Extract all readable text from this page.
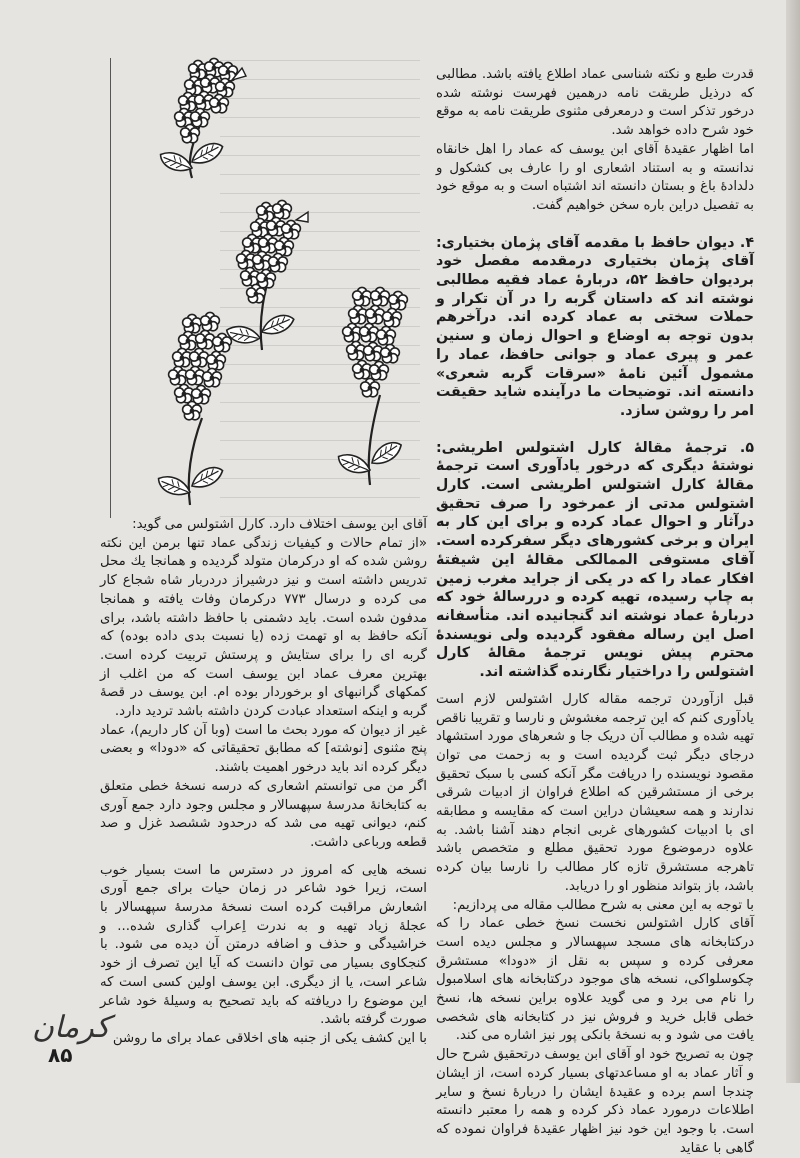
قدرت طبع و نکته شناسی عماد اطلاع یافته باشد. مطالبی که درذیل طریقت نامه درهمین فهرست نوشته شده درخور تذکر است و درمعرفی مثنوی طریقت نامه به موقع خود شرح داده خواهد شد.

اما اظهار عقیدهٔ آقای ابن یوسف که عماد را اهل خانقاه ندانسته و به استناد اشعاری او را عارف بی کشکول و دلدادهٔ باغ و بستان دانسته اند اشتباه است و به موقع خود به تفصیل دراین باره سخن خواهیم گفت.

۴. دیوان حافظ با مقدمه آقای پژمان بختیاری: آقای پژمان بختیاری درمقدمه مفصل خود بردیوان حافظ ۵۲، دربارهٔ عماد فقیه مطالبی نوشته اند که داستان گربه را در آن تکرار و حملات سختی به عماد کرده اند. درآخرهم بدون توجه به اوضاع و احوال زمان و سنین عمر و پیری عماد و جوانی حافظ، عماد را مشمول آئین نامهٔ «سرقات گربه شعری» دانسته اند. توضیحات ما درآینده شاید حقیقت امر را روشن سازد.

۵. ترجمهٔ مقالهٔ کارل اشتولس اطریشی: نوشتهٔ دیگری که درخور یادآوری است ترجمهٔ مقالهٔ کارل اشتولس اطریشی است. کارل اشتولس مدتی از عمرخود را صرف تحقیق درآثار و احوال عماد کرده و برای این کار به ایران و برخی کشورهای دیگر سفرکرده است. آقای مستوفی الممالکی مقالهٔ این شیفتهٔ افکار عماد را که در یکی از جراید مغرب زمین به چاپ رسیده، تهیه کرده و دررسالهٔ خود که دربارهٔ عماد نوشته اند گنجانیده اند. متأسفانه اصل این رساله مفقود گردیده ولی نویسندهٔ محترم پیش نویس ترجمهٔ مقالهٔ کارل اشتولس را دراختیار نگارنده گذاشته اند.

قبل ازآوردن ترجمه مقاله کارل اشتولس لازم است یادآوری کنم که این ترجمه مغشوش و نارسا و تقریبا ناقص تهیه شده و مطالب آن دریک جا و شعرهای مورد استشهاد درجای دیگر ثبت گردیده است و به زحمت می توان مقصود نویسنده را دریافت مگر آنکه کسی با سبک تحقیق برخی از مستشرقین که اطلاع فراوان از ادبیات شرقی ندارند و همه سعیشان دراین است که مقایسه و مطابقه ای با ادبیات کشورهای غربی انجام دهند آشنا باشد. به علاوه درموضوع مورد تحقیق مطلع و متخصص باشد تاهرجه مستشرق تازه کار مطالب را نارسا بیان کرده باشد، باز بتواند منظور او را دریابد.

با توجه به این معنی به شرح مطالب مقاله می پردازیم:

آقای کارل اشتولس نخست نسخ خطی عماد را که درکتابخانه های مسجد سپهسالار و مجلس دیده است معرفی کرده و سپس به نقل از «دودا» مستشرق چکوسلواکی، نسخه های موجود درکتابخانه های اسلامبول را نام می برد و می گوید علاوه براین نسخه ها، نسخ خطی قابل خرید و فروش نیز در کتابخانه های شخصی یافت می شود و به نسخهٔ بانکی پور نیز اشاره می کند.

چون به تصریح خود او آقای ابن یوسف درتحقیق شرح حال و آثار عماد به او مساعدتهای بسیار کرده است، از ایشان چندجا اسم برده و عقیدهٔ ایشان را دربارهٔ نسخ و سایر اطلاعات درمورد عماد ذکر کرده و همه را معتبر دانسته است. با وجود این خود نیز اظهار عقیدهٔ فراوان نموده که گاهی با عقاید

آقای ابن یوسف اختلاف دارد. کارل اشتولس می گوید:

«از تمام حالات و کیفیات زندگی عماد تنها برمن این نکته روشن شده که او درکرمان متولد گردیده و همانجا یك محل تدریس داشته است و نیز درشیراز دردربار شاه شجاع کار می کرده و درسال ۷۷۳ درکرمان وفات یافته و همانجا مدفون شده است. باید دشمنی با حافظ داشته باشد، برای آنکه حافظ به او تهمت زده (یا نسبت بدی داده بوده) که گربه ای را برای ستایش و پرستش تربیت کرده است. بهترین معرف عماد ابن یوسف است که من اغلب از کمکهای گرانبهای او برخوردار بوده ام. ابن یوسف در قصهٔ گربه و اینکه استعداد عبادت کردن داشته باشد تردید دارد.

غیر از دیوان که مورد بحث ما است (وبا آن کار داریم)، عماد پنج مثنوی [نوشته] که مطابق تحقیقاتی که «دودا» و بعضی دیگر کرده اند باید درخور اهمیت باشند.

اگر من می توانستم اشعاری که درسه نسخهٔ خطی متعلق به کتابخانهٔ مدرسهٔ سپهسالار و مجلس وجود دارد جمع آوری کنم، دیوانی تهیه می شد که درحدود ششصد غزل و صد قطعه ورباعی داشت.

نسخه هایی که امروز در دسترس ما است بسیار خوب است، زیرا خود شاعر در زمان حیات برای جمع آوری اشعارش مراقبت کرده است نسخهٔ مدرسهٔ سپهسالار با عجلهٔ زیاد تهیه و به ندرت اِعراب گذاری شده... و خراشیدگی و حذف و اضافه درمتن آن دیده می شود. با کنجکاوی بسیار می توان دانست که آیا این تصرف از خود شاعر است، یا از دیگری. ابن یوسف اولین کسی است که این موضوع را دریافته که باید تصحیح به وسیلهٔ خود شاعر صورت گرفته باشد.

با این کشف یکی از جنبه های اخلاقی عماد برای ما روشن

کرمان
۸۵
